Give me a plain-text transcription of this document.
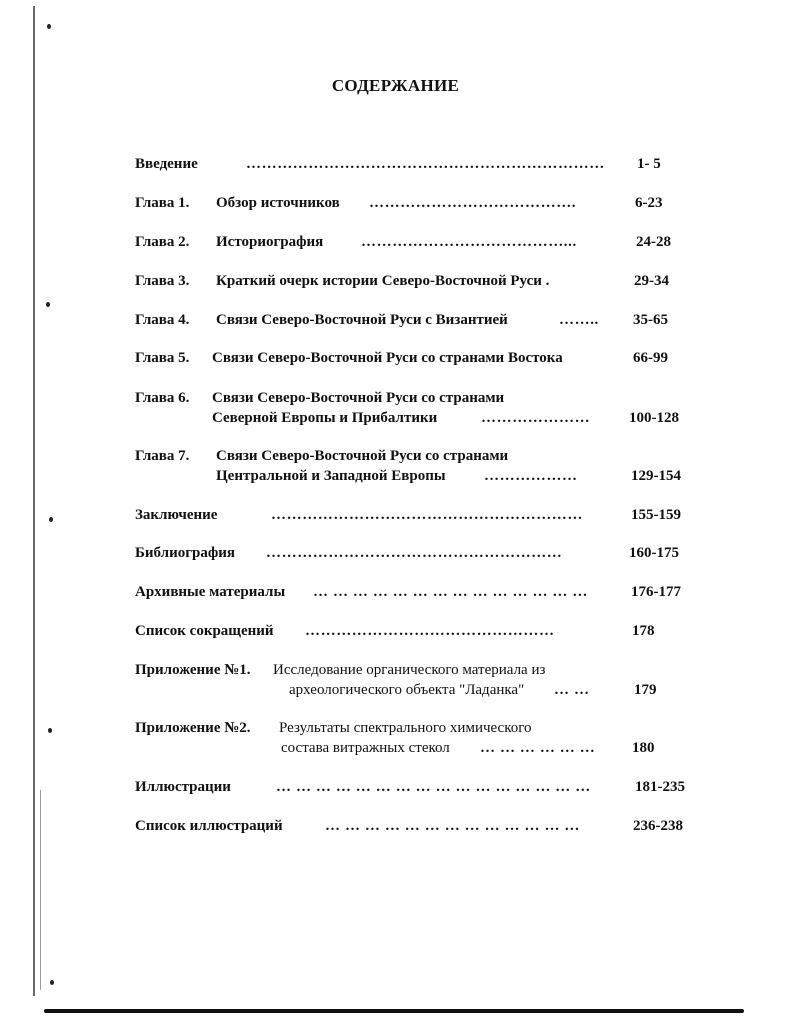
СОДЕРЖАНИЕ
Введение	…………………………………………………………… 1- 5
Глава 1. Обзор источников ………………………………….	6-23
Глава 2. Историография	…………………………………...	24-28
Глава 3. Краткий очерк истории Северо-Восточной Руси .	29-34
Глава 4. Связи Северо-Восточной Руси с Византией	…….. 35-65
Глава 5. Связи Северо-Восточной Руси со странами Востока	66-99
Глава 6. Связи Северо-Восточной Руси со странами
Северной Европы и Прибалтики	…………………	100-128
Глава 7. Связи Северо-Восточной Руси со странами
Центральной и Западной Европы	………………	129-154
Заключение	……………………………………………………	155-159
Библиография …………………………………………………	160-175
Архивные материалы … … … … … … … … … … … … … …	176-177
Список сокращений …………………………………………	178
Приложение №1. Исследование органического материала из
археологического объекта "Ладанка" … …	179
Приложение №2. Результаты спектрального химического
состава витражных стекол … … … … … … 180
Иллюстрации	… … … … … … … … … … … … … … … …	181-235
Список иллюстраций	… … … … … … … … … … … … …	236-238
